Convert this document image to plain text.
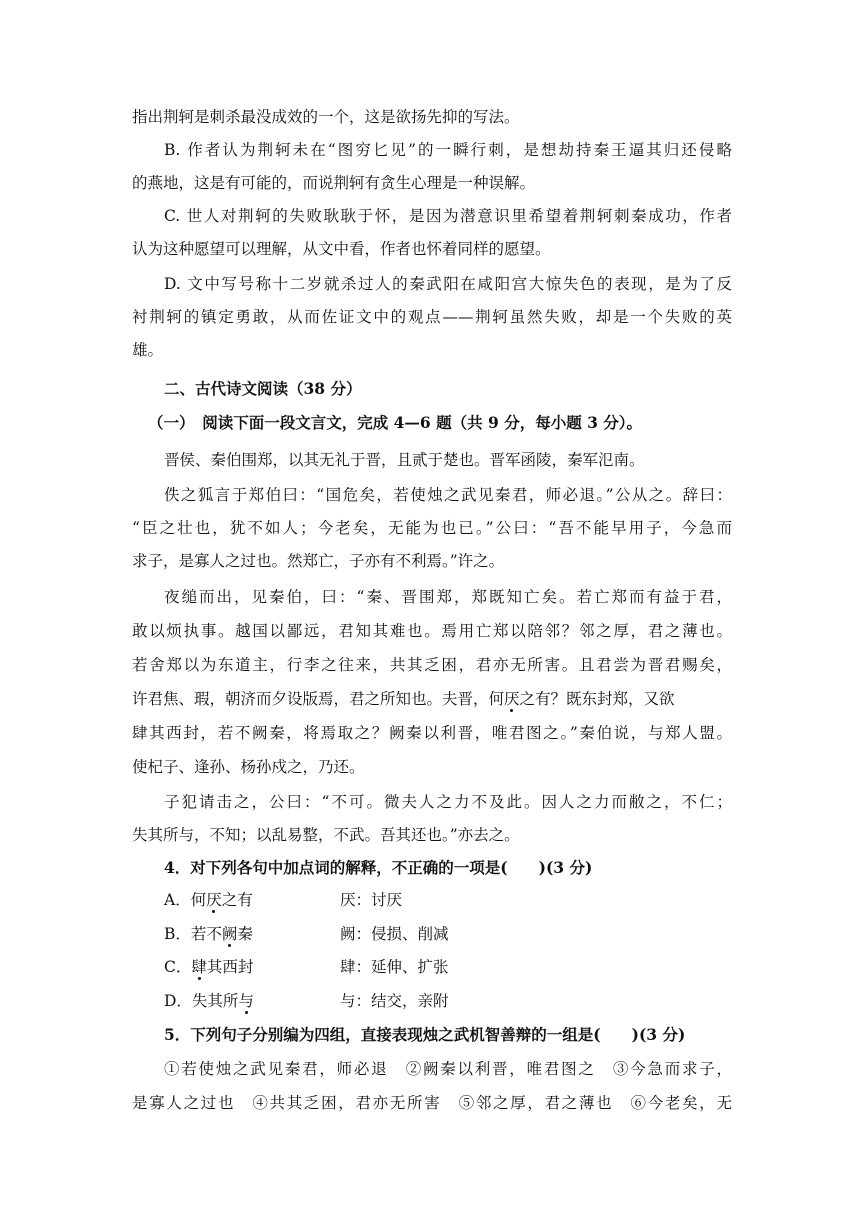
指出荆轲是刺杀最没成效的一个，这是欲扬先抑的写法。
B. 作者认为荆轲未在“图穷匕见”的一瞬行刺，是想劫持秦王逼其归还侵略
的燕地，这是有可能的，而说荆轲有贪生心理是一种误解。
C. 世人对荆轲的失败耿耿于怀，是因为潜意识里希望着荆轲刺秦成功，作者
认为这种愿望可以理解，从文中看，作者也怀着同样的愿望。
D. 文中写号称十二岁就杀过人的秦武阳在咸阳宫大惊失色的表现，是为了反
衬荆轲的镇定勇敢，从而佐证文中的观点——荆轲虽然失败，却是一个失败的英
雄。
二、古代诗文阅读（38 分）
（一）　阅读下面一段文言文，完成 4—6 题（共 9 分，每小题 3 分）。
晋侯、秦伯围郑，以其无礼于晋，且贰于楚也。晋军函陵，秦军氾南。
佚之狐言于郑伯曰：“国危矣，若使烛之武见秦君，师必退。”公从之。辞曰：
“臣之壮也，犹不如人；今老矣，无能为也已。”公曰：“吾不能早用子，今急而
求子，是寡人之过也。然郑亡，子亦有不利焉。”许之。
夜缒而出，见秦伯，曰：“秦、晋围郑，郑既知亡矣。若亡郑而有益于君，
敢以烦执事。越国以鄙远，君知其难也。焉用亡郑以陪邻？邻之厚，君之薄也。
若舍郑以为东道主，行李之往来，共其乏困，君亦无所害。且君尝为晋君赐矣，
许君焦、瑕，朝济而夕设版焉，君之所知也。夫晋，何厌之有？既东封郑，又欲
肆其西封，若不阙秦，将焉取之？阙秦以利晋，唯君图之。”秦伯说，与郑人盟。
使杞子、逢孙、杨孙戍之，乃还。
子犯请击之，公曰：“不可。微夫人之力不及此。因人之力而敝之，不仁；
失其所与，不知；以乱易整，不武。吾其还也。”亦去之。
4．对下列各句中加点词的解释，不正确的一项是(　　)(3 分)
A．何厌之有	厌：讨厌
B．若不阙秦	阙：侵损、削减
C．肆其西封	肆：延伸、扩张
D．失其所与	与：结交，亲附
5．下列句子分别编为四组，直接表现烛之武机智善辩的一组是(　　)(3 分)
①若使烛之武见秦君，师必退　②阙秦以利晋，唯君图之　③今急而求子，
是寡人之过也　④共其乏困，君亦无所害　⑤邻之厚，君之薄也　⑥今老矣，无
